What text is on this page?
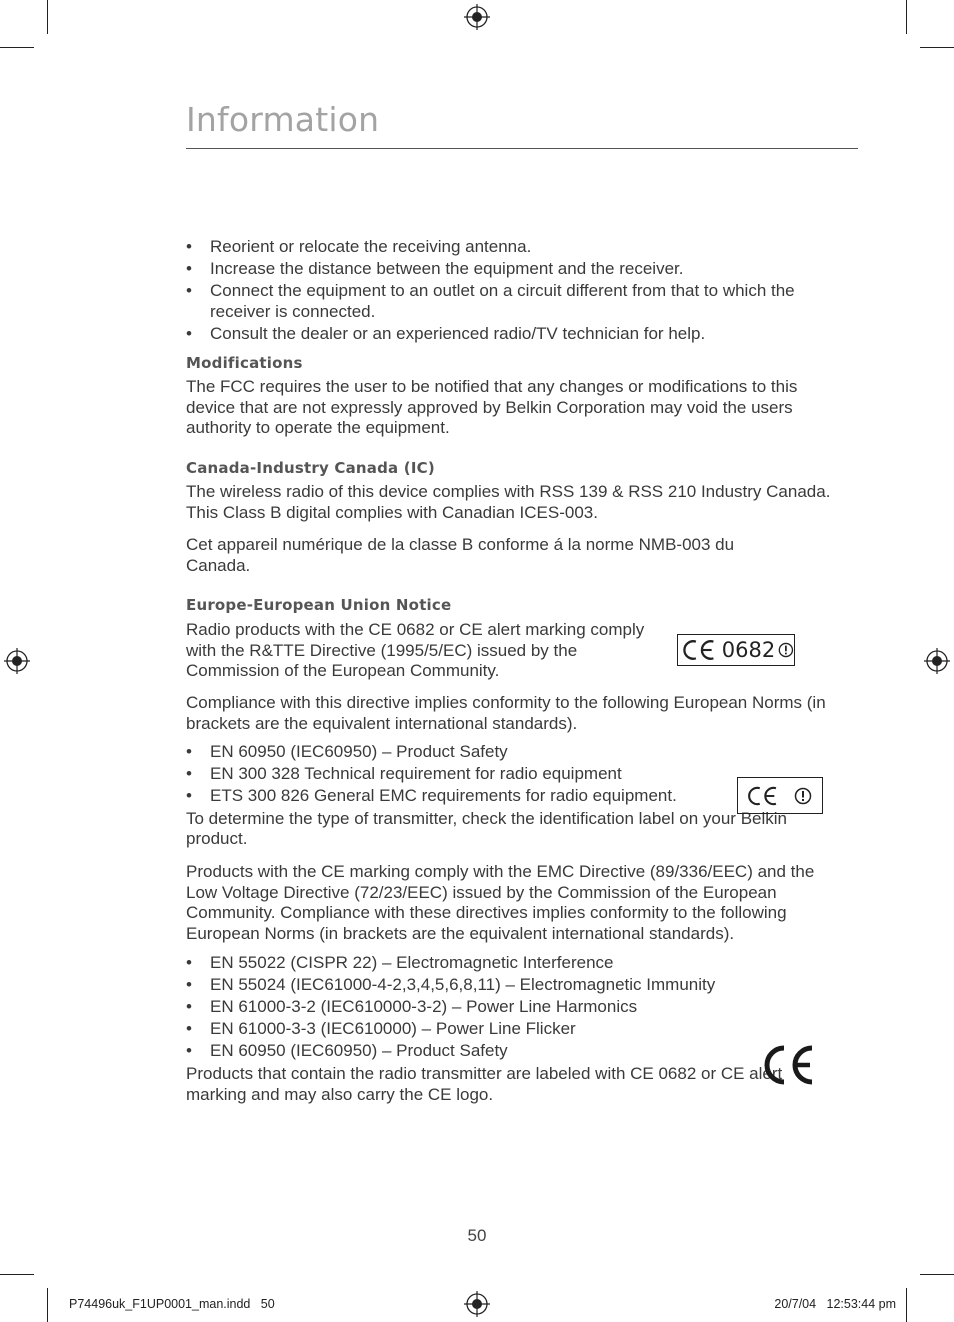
Information
• Reorient or relocate the receiving antenna.
• Increase the distance between the equipment and the receiver.
• Connect the equipment to an outlet on a circuit different from that to which the receiver is connected.
• Consult the dealer or an experienced radio/TV technician for help.
Modifications

The FCC requires the user to be notified that any changes or modifications to this device that are not expressly approved by Belkin Corporation may void the users authority to operate the equipment.

Canada-Industry Canada (IC)

The wireless radio of this device complies with RSS 139 & RSS 210 Industry Canada. This Class B digital complies with Canadian ICES-003.

Cet appareil numérique de la classe B conforme á la norme NMB-003 du Canada.

Europe-European Union Notice

Radio products with the CE 0682 or CE alert marking comply with the R&TTE Directive (1995/5/EC) issued by the Commission of the European Community.

Compliance with this directive implies conformity to the following European Norms (in brackets are the equivalent international standards).

• EN 60950 (IEC60950) – Product Safety
• EN 300 328 Technical requirement for radio equipment
• ETS 300 826 General EMC requirements for radio equipment.

To determine the type of transmitter, check the identification label on your Belkin product.

Products with the CE marking comply with the EMC Directive (89/336/EEC) and the Low Voltage Directive (72/23/EEC) issued by the Commission of the European Community. Compliance with these directives implies conformity to the following European Norms (in brackets are the equivalent international standards).

• EN 55022 (CISPR 22) – Electromagnetic Interference
• EN 55024 (IEC61000-4-2,3,4,5,6,8,11) – Electromagnetic Immunity
• EN 61000-3-2 (IEC610000-3-2) – Power Line Harmonics
• EN 61000-3-3 (IEC610000) – Power Line Flicker
• EN 60950 (IEC60950) – Product Safety

Products that contain the radio transmitter are labeled with CE 0682 or CE alert marking and may also carry the CE logo.

0682
50
P74496uk_F1UP0001_man.indd   50	20/7/04   12:53:44 pm
